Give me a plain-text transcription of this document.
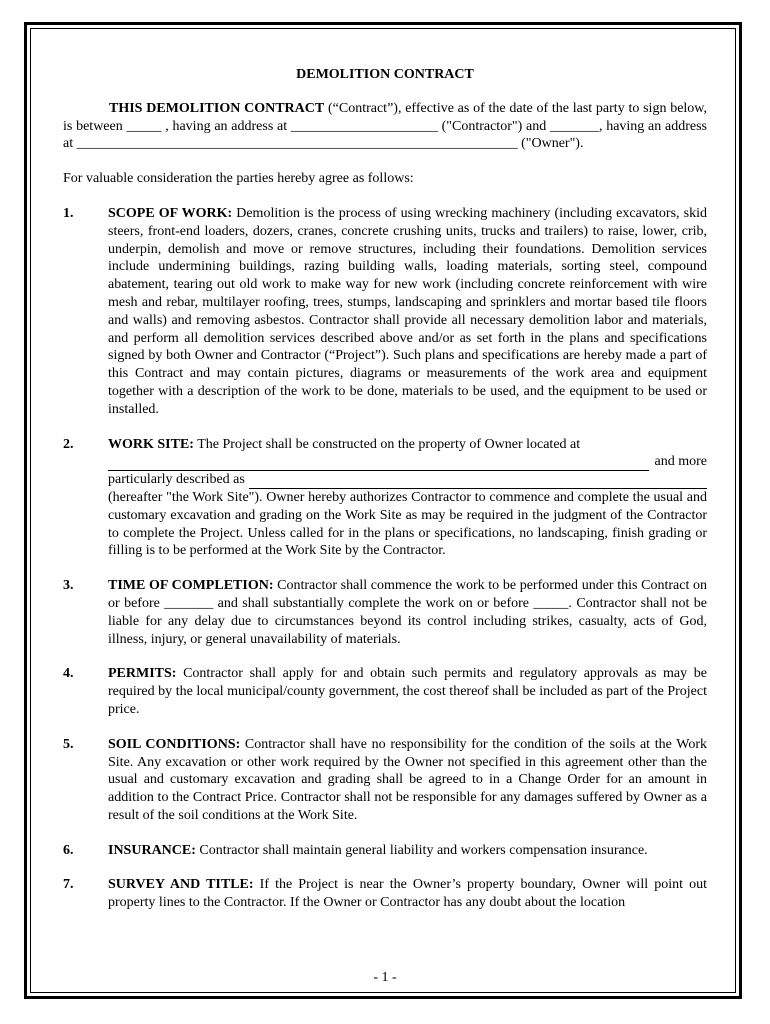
DEMOLITION CONTRACT

THIS DEMOLITION CONTRACT (“Contract”), effective as of the date of the last party to sign below, is between _____ , having an address at _____________________ ("Contractor") and _______, having an address at _______________________________________________________________ ("Owner").

For valuable consideration the parties hereby agree as follows:

1. SCOPE OF WORK: Demolition is the process of using wrecking machinery (including excavators, skid steers, front-end loaders, dozers, cranes, concrete crushing units, trucks and trailers) to raise, lower, crib, underpin, demolish and move or remove structures, including their foundations. Demolition services include undermining buildings, razing building walls, loading materials, sorting steel, compound abatement, tearing out old work to make way for new work (including concrete reinforcement with wire mesh and rebar, multilayer roofing, trees, stumps, landscaping and sprinklers and mortar based tile floors and walls) and removing asbestos. Contractor shall provide all necessary demolition labor and materials, and perform all demolition services described above and/or as set forth in the plans and specifications signed by both Owner and Contractor (“Project”). Such plans and specifications are hereby made a part of this Contract and may contain pictures, diagrams or measurements of the work area and equipment together with a description of the work to be done, materials to be used, and the equipment to be used or installed.
2. WORK SITE: The Project shall be constructed on the property of Owner located at
and more
particularly described as
(hereafter "the Work Site"). Owner hereby authorizes Contractor to commence and complete the usual and customary excavation and grading on the Work Site as may be required in the judgment of the Contractor to complete the Project. Unless called for in the plans or specifications, no landscaping, finish grading or filling is to be performed at the Work Site by the Contractor.
3. TIME OF COMPLETION: Contractor shall commence the work to be performed under this Contract on or before _______ and shall substantially complete the work on or before _____. Contractor shall not be liable for any delay due to circumstances beyond its control including strikes, casualty, acts of God, illness, injury, or general unavailability of materials.
4. PERMITS: Contractor shall apply for and obtain such permits and regulatory approvals as may be required by the local municipal/county government, the cost thereof shall be included as part of the Project price.
5. SOIL CONDITIONS: Contractor shall have no responsibility for the condition of the soils at the Work Site. Any excavation or other work required by the Owner not specified in this agreement other than the usual and customary excavation and grading shall be agreed to in a Change Order for an amount in addition to the Contract Price. Contractor shall not be responsible for any damages suffered by Owner as a result of the soil conditions at the Work Site.
6. INSURANCE: Contractor shall maintain general liability and workers compensation insurance.
7. SURVEY AND TITLE: If the Project is near the Owner’s property boundary, Owner will point out property lines to the Contractor. If the Owner or Contractor has any doubt about the location
- 1 -
